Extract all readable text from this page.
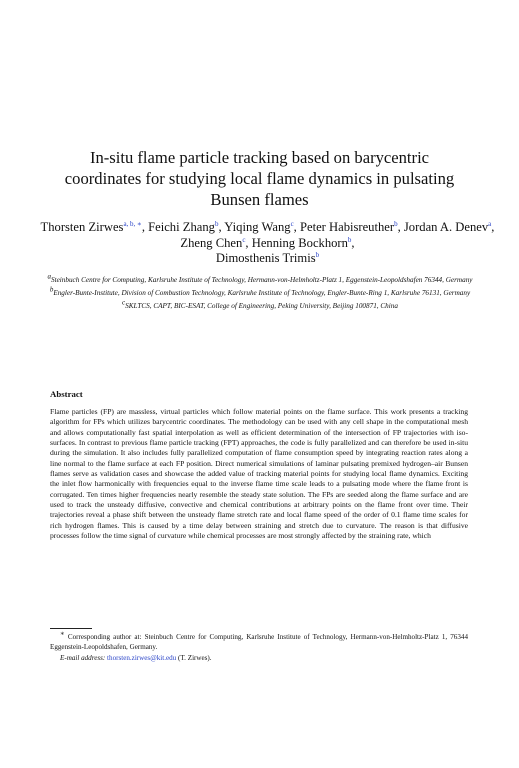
In-situ flame particle tracking based on barycentric coordinates for studying local flame dynamics in pulsating Bunsen flames
Thorsten Zirwes$^{a, b, ∗}$, Feichi Zhang$^b$, Yiqing Wang$^c$, Peter Habisreuther$^b$, Jordan A. Denev$^a$, Zheng Chen$^c$, Henning Bockhorn$^b$,
Dimosthenis Trimis$^b$
$^a$Steinbuch Centre for Computing, Karlsruhe Institute of Technology, Hermann-von-Helmholtz-Platz 1, Eggenstein-Leopoldshafen 76344, Germany
$^b$Engler-Bunte-Institute, Division of Combustion Technology, Karlsruhe Institute of Technology, Engler-Bunte-Ring 1, Karlsruhe 76131, Germany
$^c$SKLTCS, CAPT, BIC-ESAT, College of Engineering, Peking University, Beijing 100871, China
Abstract
Flame particles (FP) are massless, virtual particles which follow material points on the flame surface. This work presents a tracking algorithm for FPs which utilizes barycentric coordinates. The methodology can be used with any cell shape in the computational mesh and allows computationally fast spatial interpolation as well as efficient determination of the intersection of FP trajectories with iso-surfaces. In contrast to previous flame particle tracking (FPT) approaches, the code is fully parallelized and can therefore be used in-situ during the simulation. It also includes fully parallelized computation of flame consumption speed by integrating reaction rates along a line normal to the flame surface at each FP position. Direct numerical simulations of laminar pulsating premixed hydrogen–air Bunsen flames serve as validation cases and showcase the added value of tracking material points for studying local flame dynamics. Exciting the inlet flow harmonically with frequencies equal to the inverse flame time scale leads to a pulsating mode where the flame front is corrugated. Ten times higher frequencies nearly resemble the steady state solution. The FPs are seeded along the flame surface and are used to track the unsteady diffusive, convective and chemical contributions at arbitrary points on the flame front over time. Their trajectories reveal a phase shift between the unsteady flame stretch rate and local flame speed of the order of 0.1 flame time scales for rich hydrogen flames. This is caused by a time delay between straining and stretch due to curvature. The reason is that diffusive processes follow the time signal of curvature while chemical processes are most strongly affected by the straining rate, which
∗ Corresponding author at: Steinbuch Centre for Computing, Karlsruhe Institute of Technology, Hermann-von-Helmholtz-Platz 1, 76344 Eggenstein-Leopoldshafen, Germany.
E-mail address: thorsten.zirwes@kit.edu (T. Zirwes).
